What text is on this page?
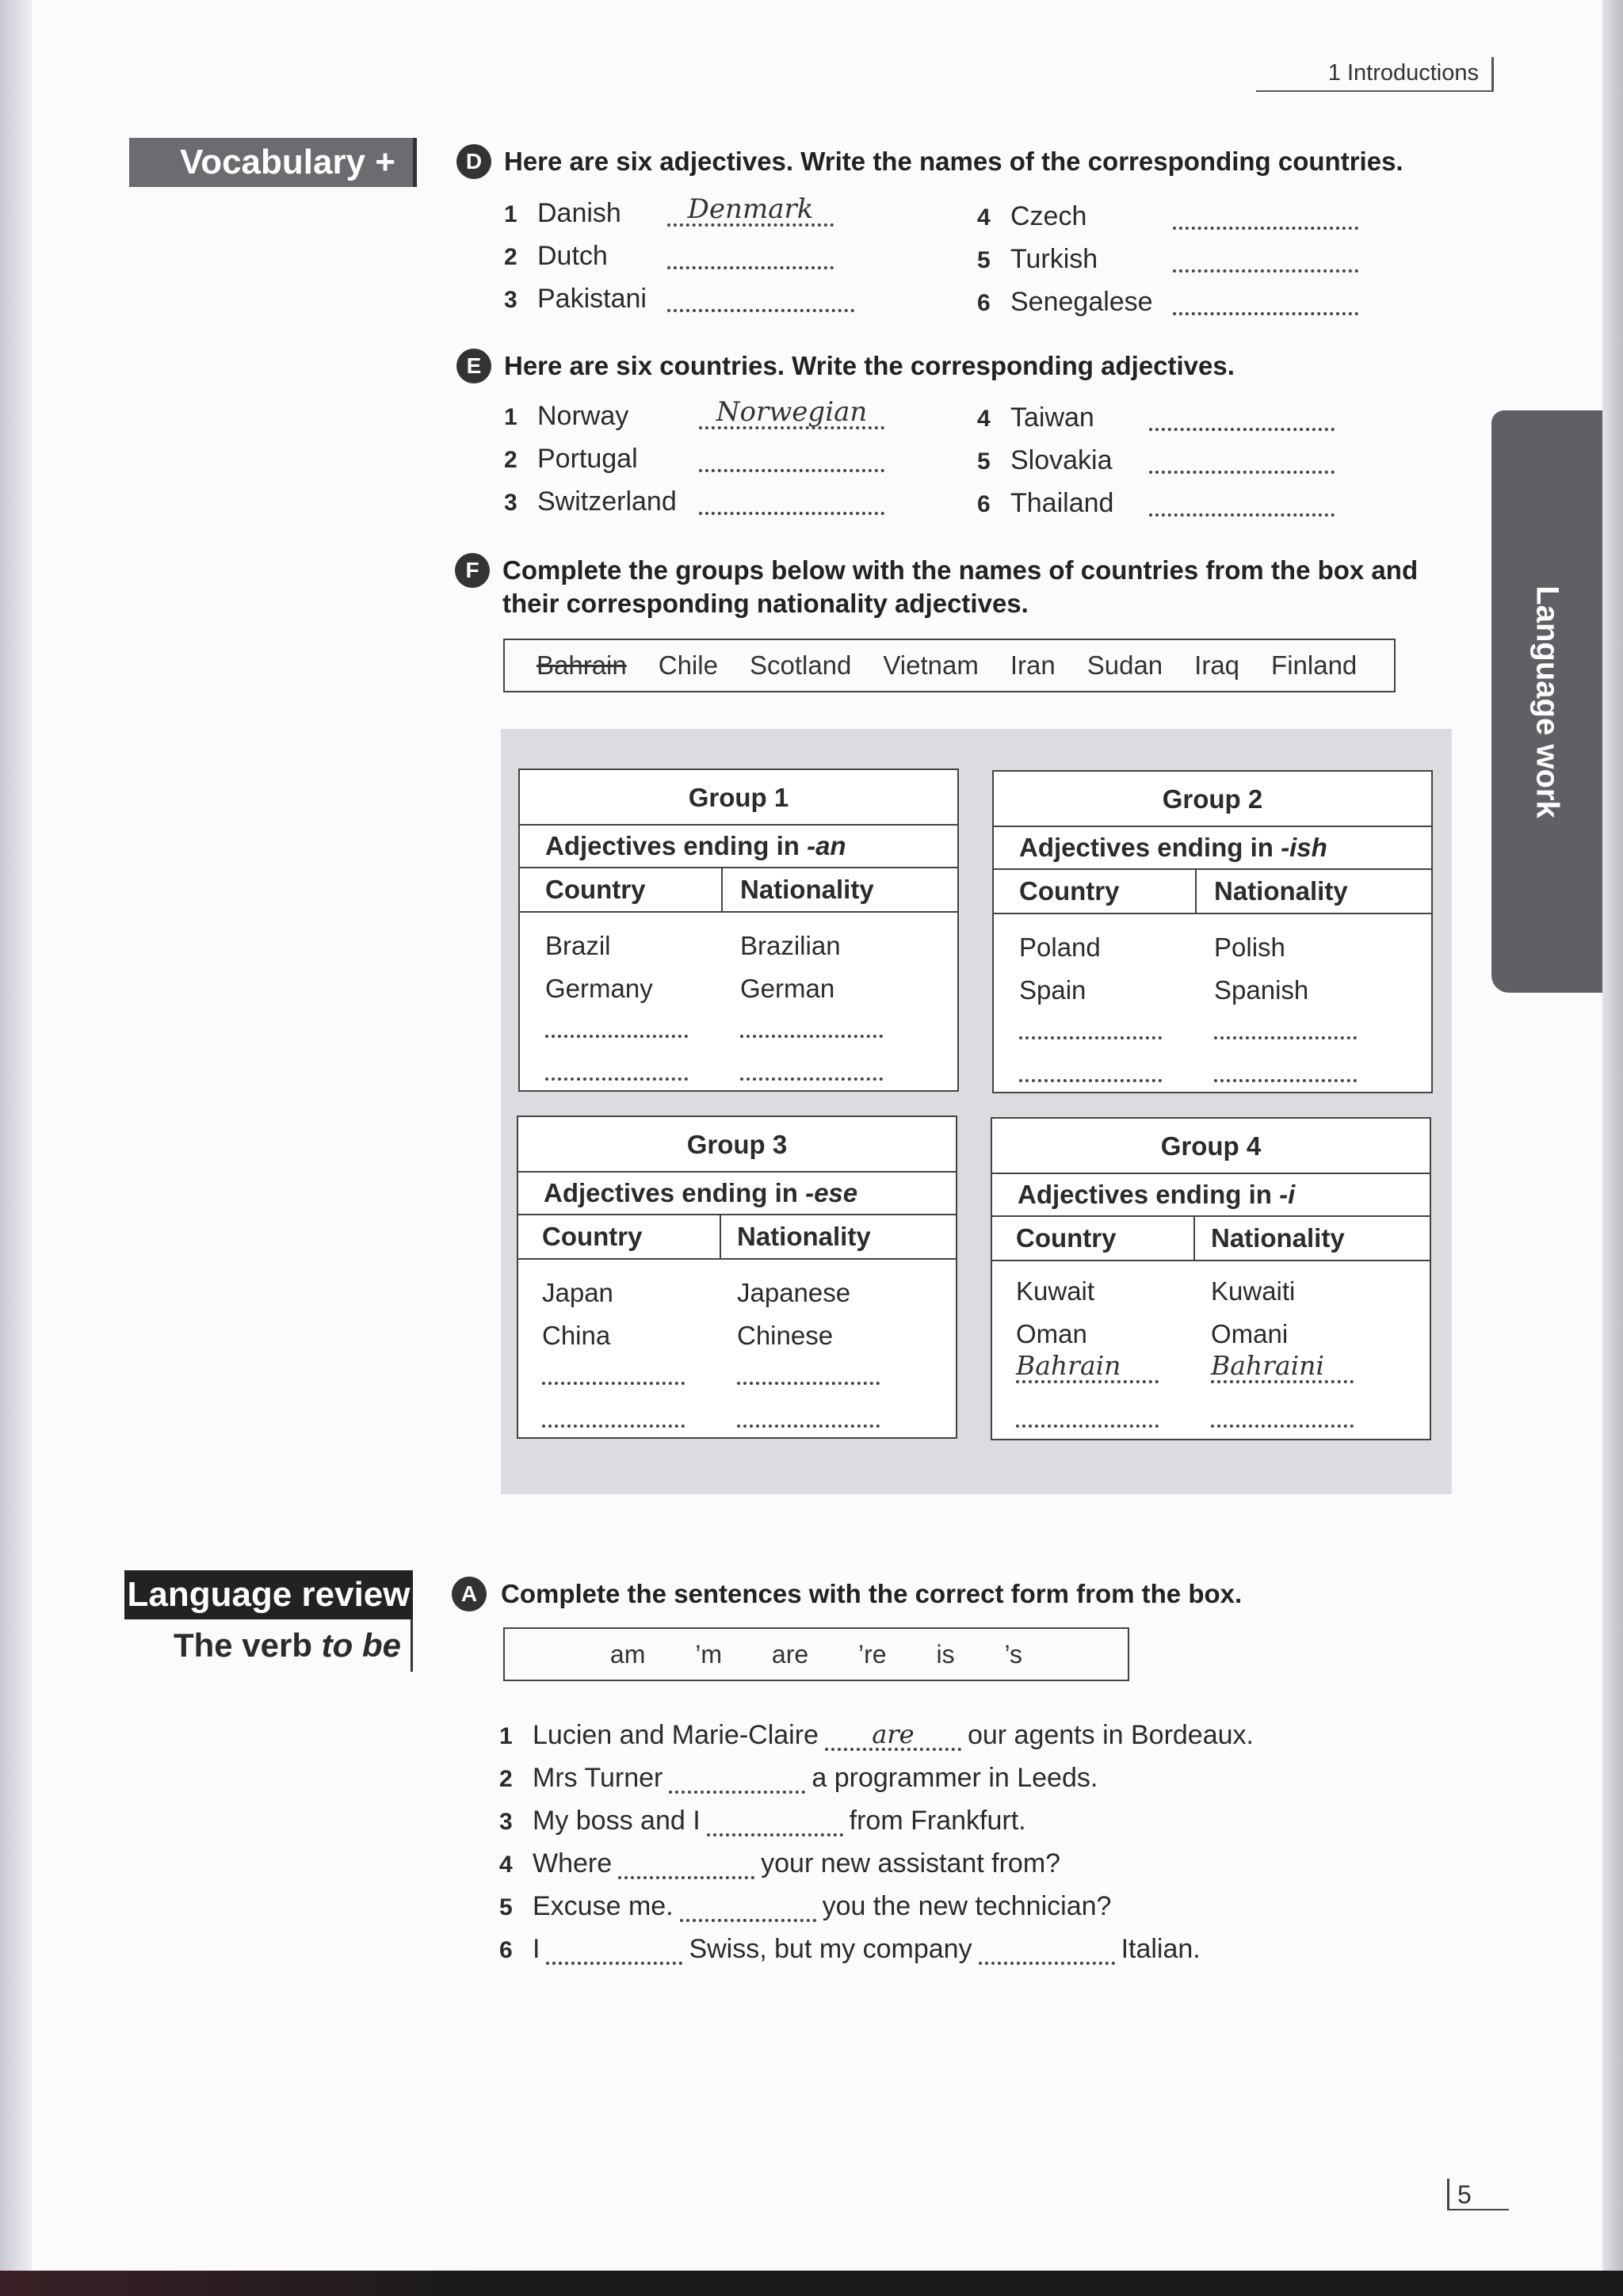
1 Introductions
Language work
Vocabulary +	D Here are six adjectives. Write the names of the corresponding countries.
1 Danish	Denmark
2 Dutch
3 Pakistani
4 Czech
5 Turkish
6 Senegalese
E Here are six countries. Write the corresponding adjectives.
1 Norway	Norwegian
2 Portugal
3 Switzerland
4 Taiwan
5 Slovakia
6 Thailand
F Complete the groups below with the names of countries from the box and
their corresponding nationality adjectives.
Bahrain Chile Scotland Vietnam Iran Sudan Iraq Finland
Group 1
Adjectives ending in -an
Country	Nationality
Brazil	Brazilian
Germany	German
Group 2
Adjectives ending in -ish
Country	Nationality
Poland	Polish
Spain	Spanish
Group 3
Adjectives ending in -ese
Country	Nationality
Japan	Japanese
China	Chinese
Group 4
Adjectives ending in -i
Country	Nationality
Kuwait	Kuwaiti
Oman	Omani
Bahrain	Bahraini
Language review
The verb to be
A Complete the sentences with the correct form from the box.
am ’m are ’re is ’s
1 Lucien and Marie-Claire are our agents in Bordeaux.
2 Mrs Turner	a programmer in Leeds.
3 My boss and I	from Frankfurt.
4 Where	your new assistant from?
5 Excuse me.	you the new technician?
6 I	Swiss, but my company	Italian.
5
